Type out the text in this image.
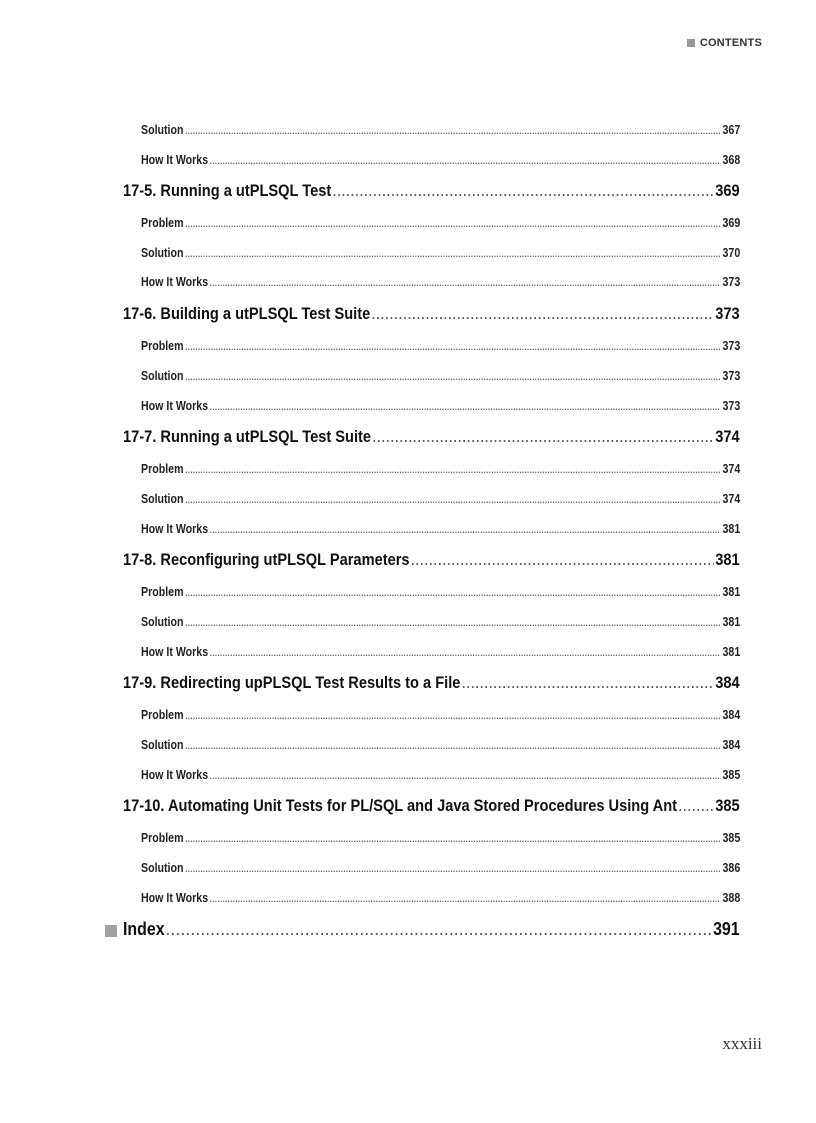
CONTENTS
Solution . . .	367
How It Works . . .	368
17-5. Running a utPLSQL Test . . .	369
Problem . . .	369
Solution . . .	370
How It Works . . .	373
17-6. Building a utPLSQL Test Suite . . .	373
Problem . . .	373
Solution . . .	373
How It Works . . .	373
17-7. Running a utPLSQL Test Suite . . .	374
Problem . . .	374
Solution . . .	374
How It Works . . .	381
17-8. Reconfiguring utPLSQL Parameters . . .	381
Problem . . .	381
Solution . . .	381
How It Works . . .	381
17-9. Redirecting upPLSQL Test Results to a File . . .	384
Problem . . .	384
Solution . . .	384
How It Works . . .	385
17-10. Automating Unit Tests for PL/SQL and Java Stored Procedures Using Ant . . . 385
Problem . . .	385
Solution . . .	386
How It Works . . .	388
Index . . .	391
xxxiii
